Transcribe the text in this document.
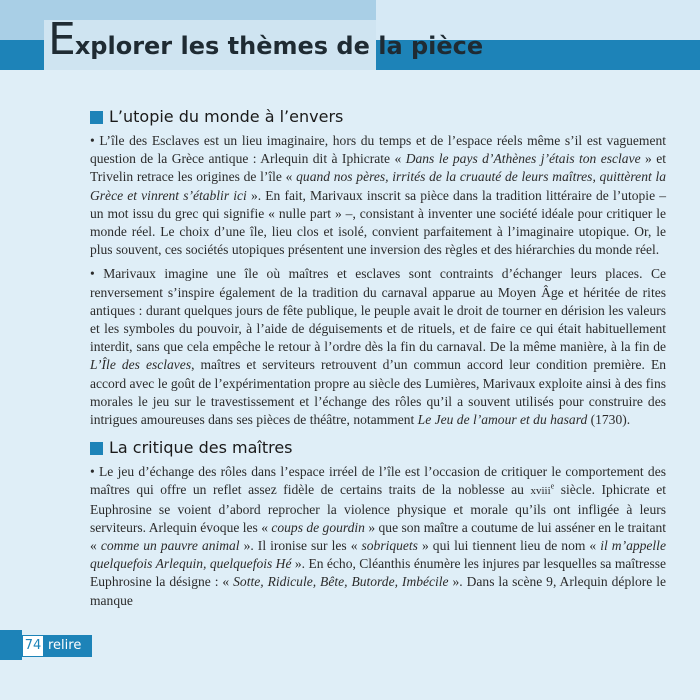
Explorer les thèmes de la pièce
L’utopie du monde à l’envers

• L’île des Esclaves est un lieu imaginaire, hors du temps et de l’espace réels même s’il est vaguement question de la Grèce antique : Arlequin dit à Iphicrate « Dans le pays d’Athènes j’étais ton esclave » et Trivelin retrace les origines de l’île « quand nos pères, irrités de la cruauté de leurs maîtres, quittèrent la Grèce et vinrent s’établir ici ». En fait, Marivaux inscrit sa pièce dans la tradition littéraire de l’utopie – un mot issu du grec qui signifie « nulle part » –, consistant à inventer une société idéale pour critiquer le monde réel. Le choix d’une île, lieu clos et isolé, convient parfaitement à l’imaginaire utopique. Or, le plus souvent, ces sociétés utopiques présentent une inversion des règles et des hiérarchies du monde réel.

• Marivaux imagine une île où maîtres et esclaves sont contraints d’échanger leurs places. Ce renversement s’inspire également de la tradition du carnaval apparue au Moyen Âge et héritée de rites antiques : durant quelques jours de fête publique, le peuple avait le droit de tourner en dérision les valeurs et les symboles du pouvoir, à l’aide de déguisements et de rituels, et de faire ce qui était habituellement interdit, sans que cela empêche le retour à l’ordre dès la fin du carnaval. De la même manière, à la fin de L’Île des esclaves, maîtres et serviteurs retrouvent d’un commun accord leur condition première. En accord avec le goût de l’expérimentation propre au siècle des Lumières, Marivaux exploite ainsi à des fins morales le jeu sur le travestissement et l’échange des rôles qu’il a souvent utilisés pour construire des intrigues amoureuses dans ses pièces de théâtre, notamment Le Jeu de l’amour et du hasard (1730).

La critique des maîtres

• Le jeu d’échange des rôles dans l’espace irréel de l’île est l’occasion de critiquer le comportement des maîtres qui offre un reflet assez fidèle de certains traits de la noblesse au xviii$^e$ siècle. Iphicrate et Euphrosine se voient d’abord reprocher la violence physique et morale qu’ils ont infligée à leurs serviteurs. Arlequin évoque les « coups de gourdin » que son maître a coutume de lui asséner en le traitant « comme un pauvre animal ». Il ironise sur les « sobriquets » qui lui tiennent lieu de nom « il m’appelle quelquefois Arlequin, quelquefois Hé ». En écho, Cléanthis énumère les injures par lesquelles sa maîtresse Euphrosine la désigne : « Sotte, Ridicule, Bête, Butorde, Imbécile ». Dans la scène 9, Arlequin déplore le manque

74 relire
